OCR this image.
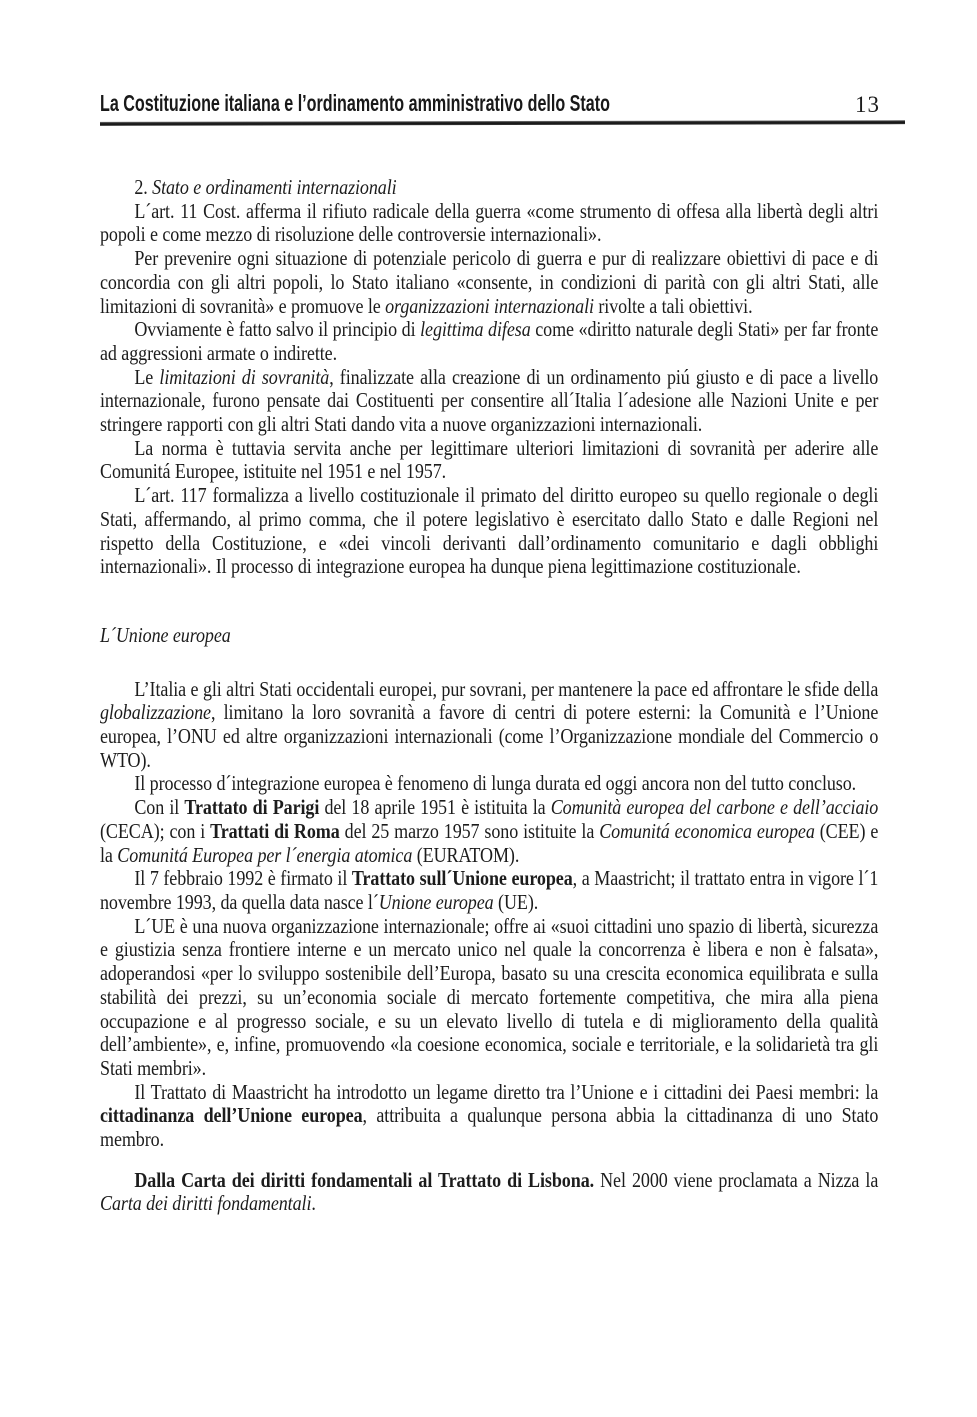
La Costituzione italiana e l’ordinamento amministrativo dello Stato	13

2. Stato e ordinamenti internazionali

L´art. 11 Cost. afferma il rifiuto radicale della guerra «come strumento di offesa alla libertà degli altri popoli e come mezzo di risoluzione delle controversie internazionali».

Per prevenire ogni situazione di potenziale pericolo di guerra e pur di realizzare obiettivi di pace e di concordia con gli altri popoli, lo Stato italiano «consente, in condizioni di parità con gli altri Stati, alle limitazioni di sovranità» e promuove le organizzazioni internazionali rivolte a tali obiettivi.

Ovviamente è fatto salvo il principio di legittima difesa come «diritto naturale degli Stati» per far fronte ad aggressioni armate o indirette.

Le limitazioni di sovranità, finalizzate alla creazione di un ordinamento piú giusto e di pace a livello internazionale, furono pensate dai Costituenti per consentire all´Italia l´adesione alle Nazioni Unite e per stringere rapporti con gli altri Stati dando vita a nuove organizzazioni internazionali.

La norma è tuttavia servita anche per legittimare ulteriori limitazioni di sovranità per aderire alle Comunitá Europee, istituite nel 1951 e nel 1957.

L´art. 117 formalizza a livello costituzionale il primato del diritto europeo su quello regionale o degli Stati, affermando, al primo comma, che il potere legislativo è esercitato dallo Stato e dalle Regioni nel rispetto della Costituzione, e «dei vincoli derivanti dall’ordinamento comunitario e dagli obblighi internazionali». Il processo di integrazione europea ha dunque piena legittimazione costituzionale.

L´Unione europea

L’Italia e gli altri Stati occidentali europei, pur sovrani, per mantenere la pace ed affrontare le sfide della globalizzazione, limitano la loro sovranità a favore di centri di potere esterni: la Comunità e l’Unione europea, l’ONU ed altre organizzazioni internazionali (come l’Organizzazione mondiale del Commercio o WTO).

Il processo d´integrazione europea è fenomeno di lunga durata ed oggi ancora non del tutto concluso.

Con il Trattato di Parigi del 18 aprile 1951 è istituita la Comunità europea del carbone e dell’acciaio (CECA); con i Trattati di Roma del 25 marzo 1957 sono istituite la Comunitá economica europea (CEE) e la Comunitá Europea per l´energia atomica (EURATOM).

Il 7 febbraio 1992 è firmato il Trattato sull´Unione europea, a Maastricht; il trattato entra in vigore l´1 novembre 1993, da quella data nasce l´Unione europea (UE).

L´UE è una nuova organizzazione internazionale; offre ai «suoi cittadini uno spazio di libertà, sicurezza e giustizia senza frontiere interne e un mercato unico nel quale la concorrenza è libera e non è falsata», adoperandosi «per lo sviluppo sostenibile dell’Europa, basato su una crescita economica equilibrata e sulla stabilità dei prezzi, su un’economia sociale di mercato fortemente competitiva, che mira alla piena occupazione e al progresso sociale, e su un elevato livello di tutela e di miglioramento della qualità dell’ambiente», e, infine, promuovendo «la coesione economica, sociale e territoriale, e la solidarietà tra gli Stati membri».

Il Trattato di Maastricht ha introdotto un legame diretto tra l’Unione e i cittadini dei Paesi membri: la cittadinanza dell’Unione europea, attribuita a qualunque persona abbia la cittadinanza di uno Stato membro.

Dalla Carta dei diritti fondamentali al Trattato di Lisbona. Nel 2000 viene proclamata a Nizza la Carta dei diritti fondamentali.
